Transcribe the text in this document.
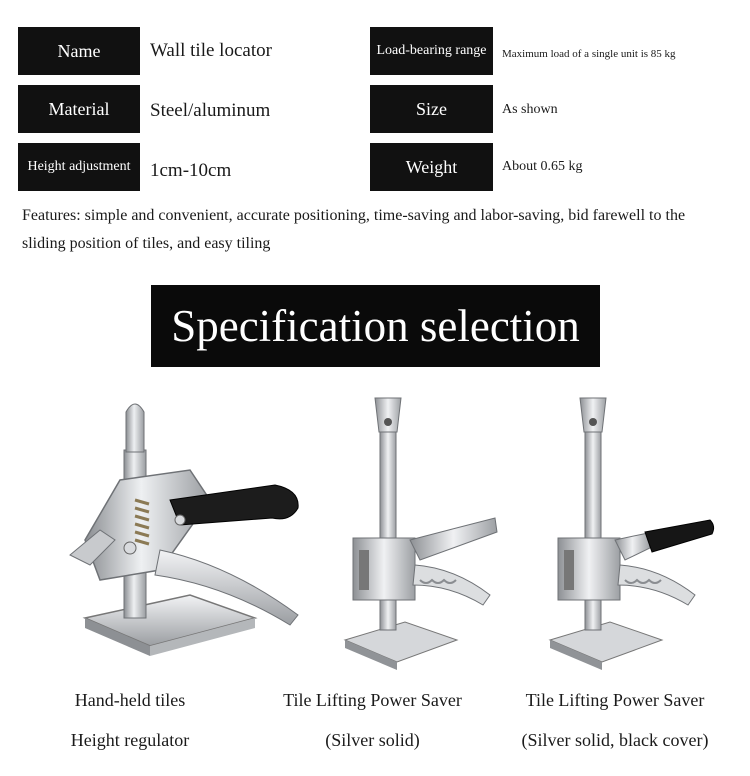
Name	Wall tile locator
Material	Steel/aluminum
Height adjustment	1cm-10cm
Load-bearing range	Maximum load of a single unit is 85 kg
Size	As shown
Weight	About 0.65 kg
Features: simple and convenient, accurate positioning, time-saving and labor-saving, bid farewell to the sliding position of tiles, and easy tiling
Specification selection
Hand-held tiles
Height regulator
Tile Lifting Power Saver
(Silver solid)
Tile Lifting Power Saver
(Silver solid, black cover)
